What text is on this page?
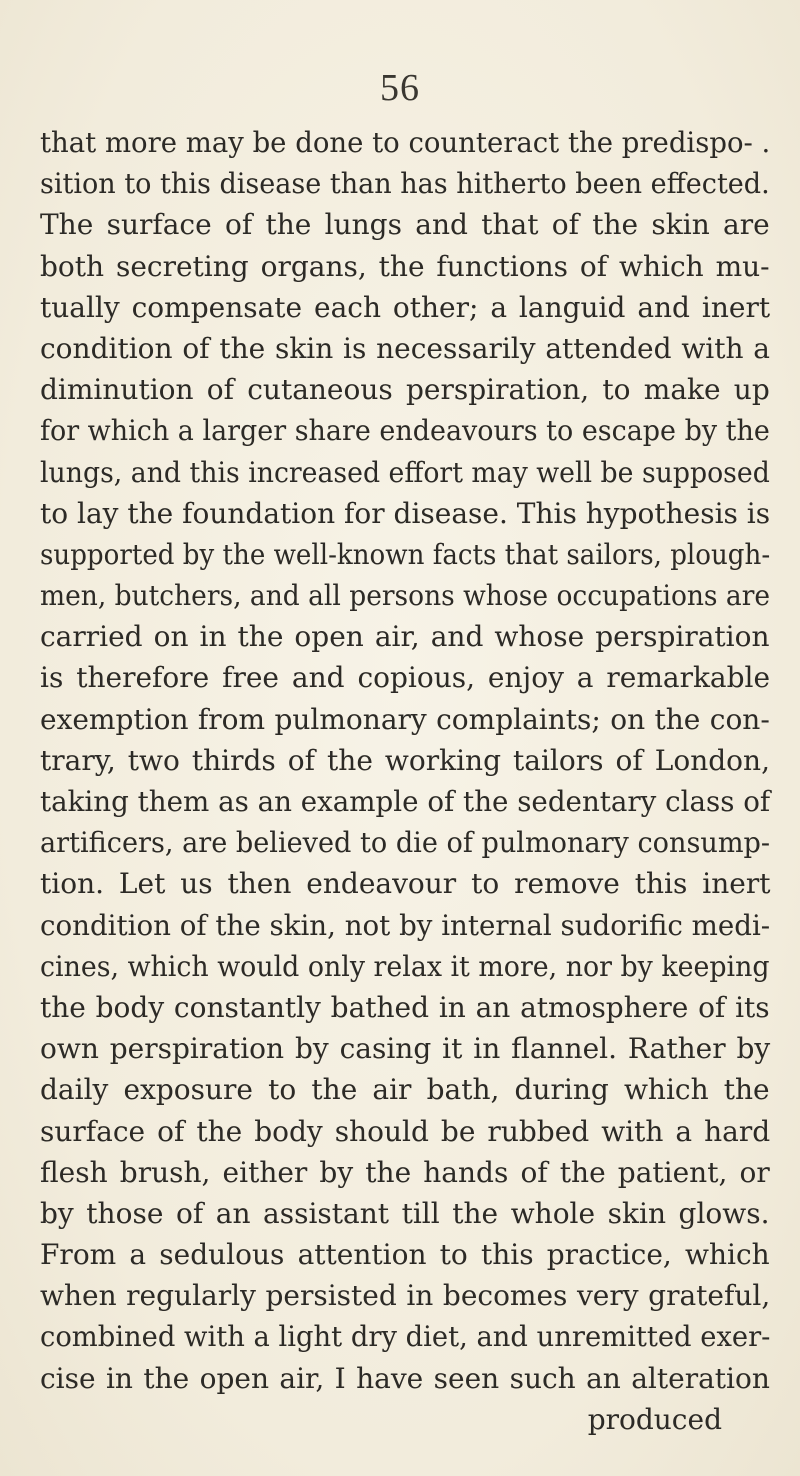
56
that more may be done to counteract the predispo- .
sition to this disease than has hitherto been effected.
The surface of the lungs and that of the skin are
both secreting organs, the functions of which mu-
tually compensate each other; a languid and inert
condition of the skin is necessarily attended with a
diminution of cutaneous perspiration, to make up
for which a larger share endeavours to escape by the
lungs, and this increased effort may well be supposed
to lay the foundation for disease. This hypothesis is
supported by the well-known facts that sailors, plough-
men, butchers, and all persons whose occupations are
carried on in the open air, and whose perspiration
is therefore free and copious, enjoy a remarkable
exemption from pulmonary complaints; on the con-
trary, two thirds of the working tailors of London,
taking them as an example of the sedentary class of
artificers, are believed to die of pulmonary consump-
tion. Let us then endeavour to remove this inert
condition of the skin, not by internal sudorific medi-
cines, which would only relax it more, nor by keeping
the body constantly bathed in an atmosphere of its
own perspiration by casing it in flannel. Rather by
daily exposure to the air bath, during which the
surface of the body should be rubbed with a hard
flesh brush, either by the hands of the patient, or
by those of an assistant till the whole skin glows.
From a sedulous attention to this practice, which
when regularly persisted in becomes very grateful,
combined with a light dry diet, and unremitted exer-
cise in the open air, I have seen such an alteration
produced
